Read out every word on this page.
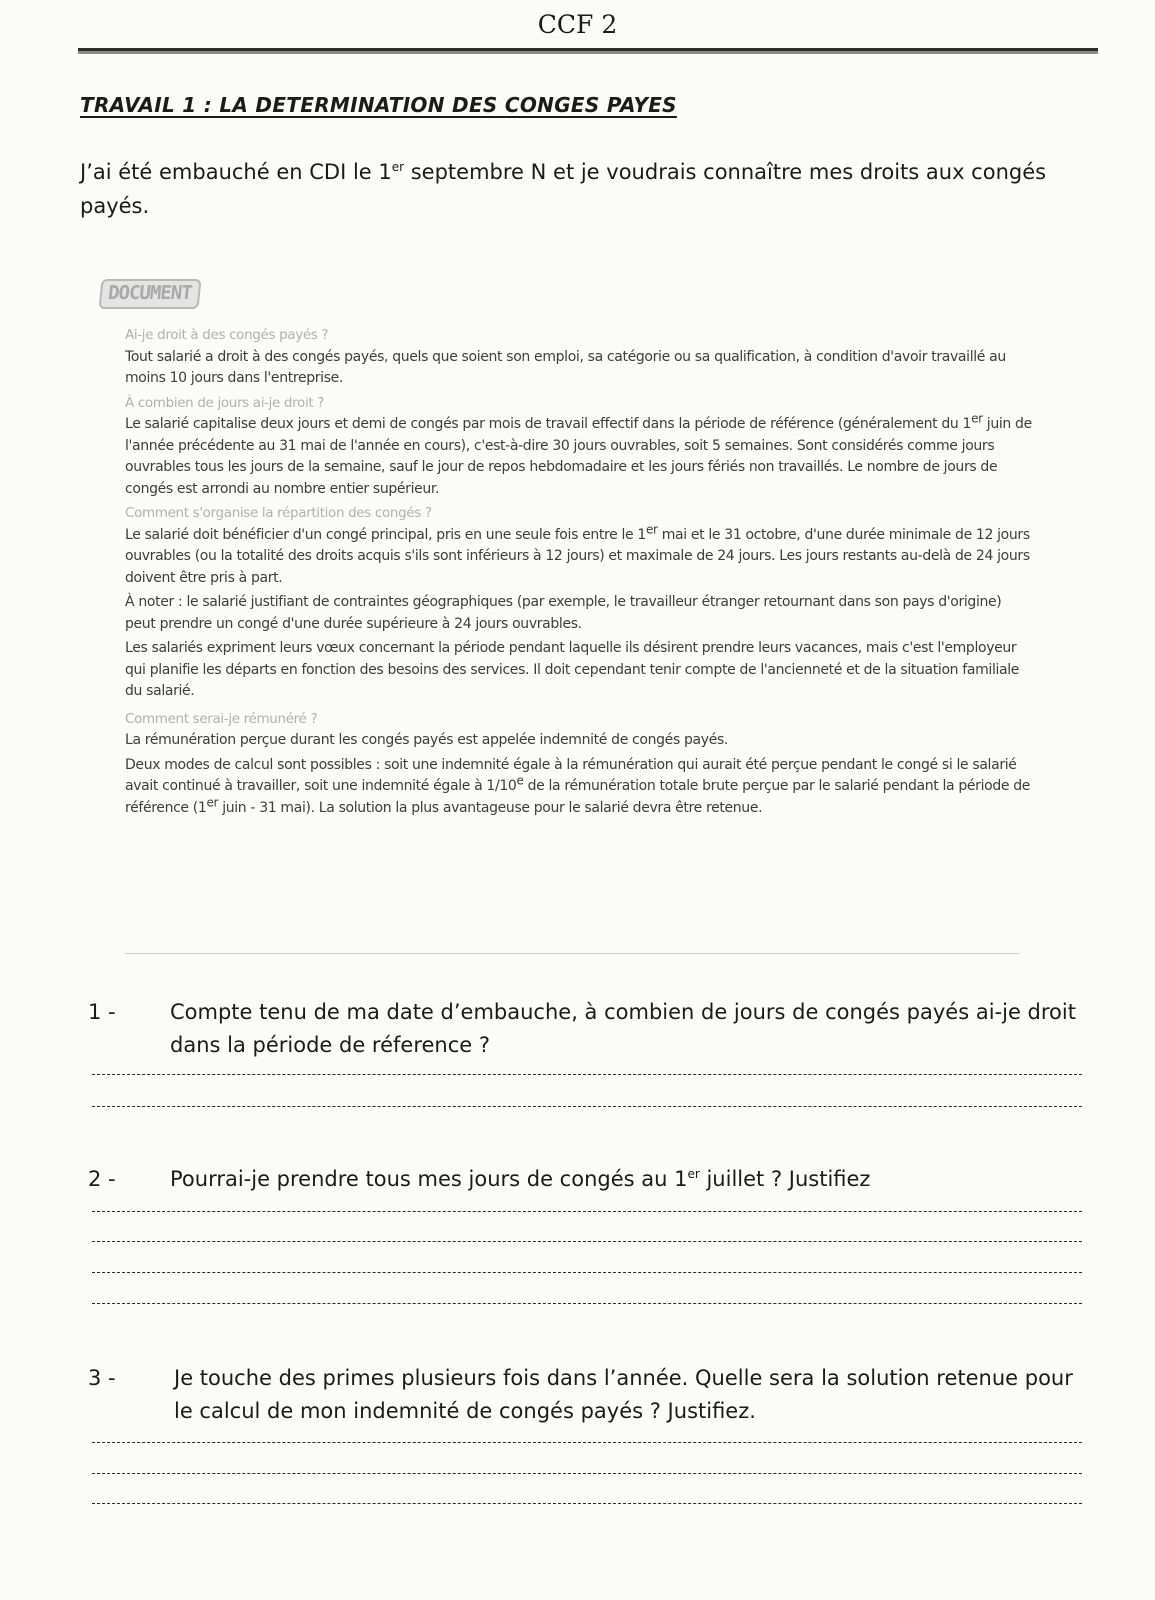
CCF 2
TRAVAIL 1 : LA DETERMINATION DES CONGES PAYES

J’ai été embauché en CDI le 1er septembre N et je voudrais connaître mes droits aux congés payés.

DOCUMENT

Ai-je droit à des congés payés ?

Tout salarié a droit à des congés payés, quels que soient son emploi, sa catégorie ou sa qualification, à condition d'avoir travaillé au moins 10 jours dans l'entreprise.

À combien de jours ai-je droit ?

Le salarié capitalise deux jours et demi de congés par mois de travail effectif dans la période de référence (généralement du 1er juin de l'année précédente au 31 mai de l'année en cours), c'est-à-dire 30 jours ouvrables, soit 5 semaines. Sont considérés comme jours ouvrables tous les jours de la semaine, sauf le jour de repos hebdomadaire et les jours fériés non travaillés. Le nombre de jours de congés est arrondi au nombre entier supérieur.

Comment s'organise la répartition des congés ?

Le salarié doit bénéficier d'un congé principal, pris en une seule fois entre le 1er mai et le 31 octobre, d'une durée minimale de 12 jours ouvrables (ou la totalité des droits acquis s'ils sont inférieurs à 12 jours) et maximale de 24 jours. Les jours restants au-delà de 24 jours doivent être pris à part.

À noter : le salarié justifiant de contraintes géographiques (par exemple, le travailleur étranger retournant dans son pays d'origine) peut prendre un congé d'une durée supérieure à 24 jours ouvrables.

Les salariés expriment leurs vœux concernant la période pendant laquelle ils désirent prendre leurs vacances, mais c'est l'employeur qui planifie les départs en fonction des besoins des services. Il doit cependant tenir compte de l'ancienneté et de la situation familiale du salarié.

Comment serai-je rémunéré ?

La rémunération perçue durant les congés payés est appelée indemnité de congés payés.

Deux modes de calcul sont possibles : soit une indemnité égale à la rémunération qui aurait été perçue pendant le congé si le salarié avait continué à travailler, soit une indemnité égale à 1/10e de la rémunération totale brute perçue par le salarié pendant la période de référence (1er juin - 31 mai). La solution la plus avantageuse pour le salarié devra être retenue.

1 -	Compte tenu de ma date d’embauche, à combien de jours de congés payés ai-je droit dans la période de réference ?
2 -	Pourrai-je prendre tous mes jours de congés au 1er juillet ? Justifiez
3 -	Je touche des primes plusieurs fois dans l’année. Quelle sera la solution retenue pour le calcul de mon indemnité de congés payés ? Justifiez.
